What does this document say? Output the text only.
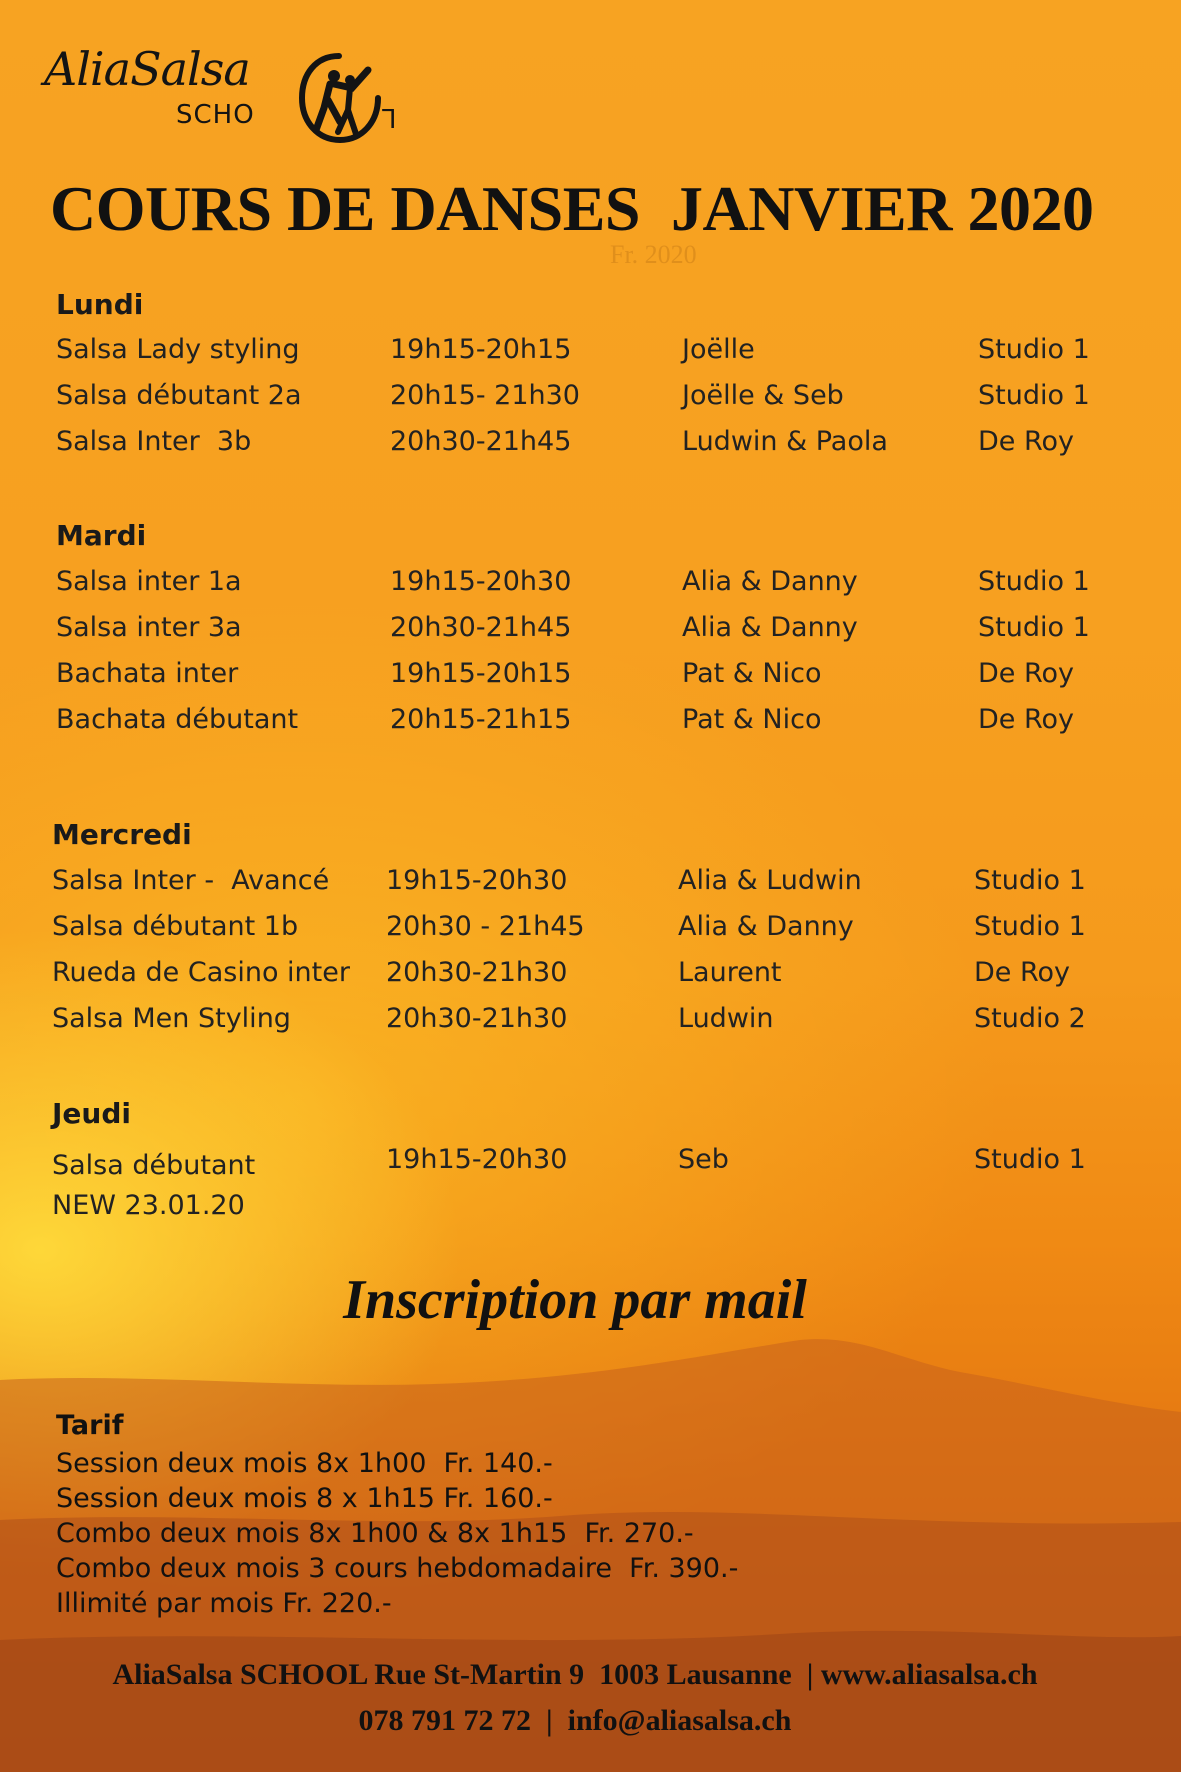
AliaSalsa
SCHO	L
COURS DE DANSES  JANVIER 2020
Fr. 2020
Lundi
Salsa Lady styling	19h15-20h15	Joëlle	Studio 1
Salsa débutant 2a	20h15- 21h30	Joëlle & Seb	Studio 1
Salsa Inter  3b	20h30-21h45	Ludwin & Paola	De Roy
Mardi
Salsa inter 1a	19h15-20h30	Alia & Danny	Studio 1
Salsa inter 3a	20h30-21h45	Alia & Danny	Studio 1
Bachata inter	19h15-20h15	Pat & Nico	De Roy
Bachata débutant	20h15-21h15	Pat & Nico	De Roy
Mercredi
Salsa Inter -  Avancé 19h15-20h30	Alia & Ludwin	Studio 1
Salsa débutant 1b	20h30 - 21h45	Alia & Danny	Studio 1
Rueda de Casino inter 20h30-21h30	Laurent	De Roy
Salsa Men Styling	20h30-21h30	Ludwin	Studio 2
Jeudi
Salsa débutant	19h15-20h30	Seb	Studio 1
NEW 23.01.20
Inscription par mail
Tarif
Session deux mois 8x 1h00  Fr. 140.-
Session deux mois 8 x 1h15 Fr. 160.-
Combo deux mois 8x 1h00 & 8x 1h15  Fr. 270.-
Combo deux mois 3 cours hebdomadaire  Fr. 390.-
Illimité par mois Fr. 220.-
AliaSalsa SCHOOL Rue St-Martin 9  1003 Lausanne  | www.aliasalsa.ch
078 791 72 72  |  info@aliasalsa.ch
